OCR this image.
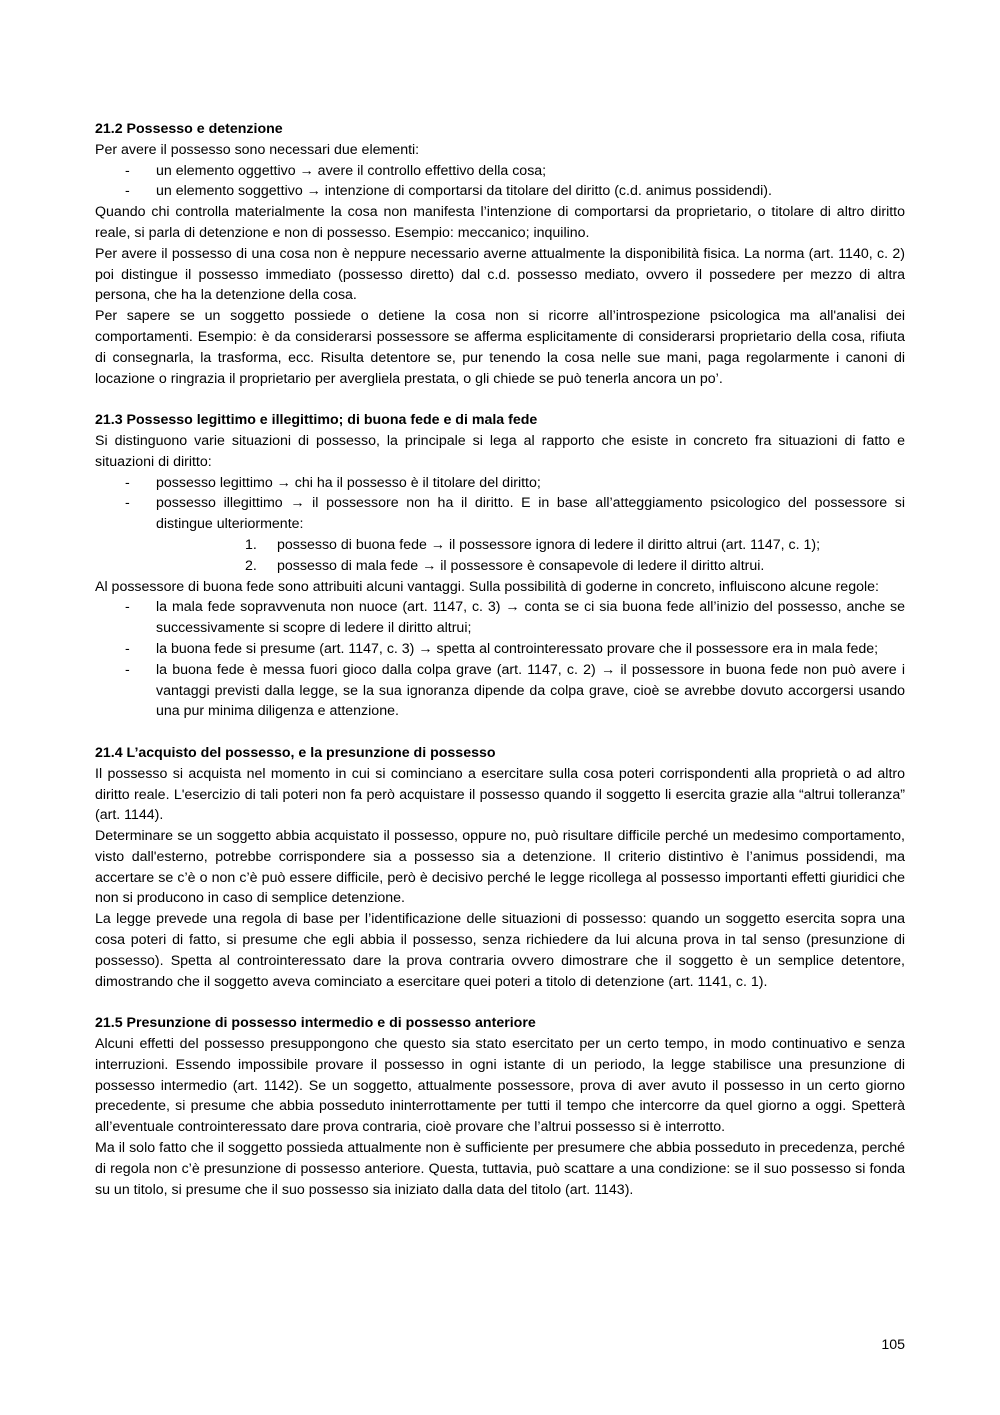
21.2 Possesso e detenzione

Per avere il possesso sono necessari due elementi:

- un elemento oggettivo → avere il controllo effettivo della cosa;
- un elemento soggettivo → intenzione di comportarsi da titolare del diritto (c.d. animus possidendi).

Quando chi controlla materialmente la cosa non manifesta l’intenzione di comportarsi da proprietario, o titolare di altro diritto reale, si parla di detenzione e non di possesso. Esempio: meccanico; inquilino.

Per avere il possesso di una cosa non è neppure necessario averne attualmente la disponibilità fisica. La norma (art. 1140, c. 2) poi distingue il possesso immediato (possesso diretto) dal c.d. possesso mediato, ovvero il possedere per mezzo di altra persona, che ha la detenzione della cosa.

Per sapere se un soggetto possiede o detiene la cosa non si ricorre all’introspezione psicologica ma all'analisi dei comportamenti. Esempio: è da considerarsi possessore se afferma esplicitamente di considerarsi proprietario della cosa, rifiuta di consegnarla, la trasforma, ecc. Risulta detentore se, pur tenendo la cosa nelle sue mani, paga regolarmente i canoni di locazione o ringrazia il proprietario per avergliela prestata, o gli chiede se può tenerla ancora un po’.

21.3 Possesso legittimo e illegittimo; di buona fede e di mala fede

Si distinguono varie situazioni di possesso, la principale si lega al rapporto che esiste in concreto fra situazioni di fatto e situazioni di diritto:

- possesso legittimo → chi ha il possesso è il titolare del diritto;
- possesso illegittimo → il possessore non ha il diritto. E in base all’atteggiamento psicologico del possessore si distingue ulteriormente:
1. possesso di buona fede → il possessore ignora di ledere il diritto altrui (art. 1147, c. 1);
2. possesso di mala fede → il possessore è consapevole di ledere il diritto altrui.

Al possessore di buona fede sono attribuiti alcuni vantaggi. Sulla possibilità di goderne in concreto, influiscono alcune regole:

- la mala fede sopravvenuta non nuoce (art. 1147, c. 3) → conta se ci sia buona fede all’inizio del possesso, anche se successivamente si scopre di ledere il diritto altrui;
- la buona fede si presume (art. 1147, c. 3) → spetta al controinteressato provare che il possessore era in mala fede;
- la buona fede è messa fuori gioco dalla colpa grave (art. 1147, c. 2) → il possessore in buona fede non può avere i vantaggi previsti dalla legge, se la sua ignoranza dipende da colpa grave, cioè se avrebbe dovuto accorgersi usando una pur minima diligenza e attenzione.

21.4 L’acquisto del possesso, e la presunzione di possesso

Il possesso si acquista nel momento in cui si cominciano a esercitare sulla cosa poteri corrispondenti alla proprietà o ad altro diritto reale. L'esercizio di tali poteri non fa però acquistare il possesso quando il soggetto li esercita grazie alla “altrui tolleranza” (art. 1144).

Determinare se un soggetto abbia acquistato il possesso, oppure no, può risultare difficile perché un medesimo comportamento, visto dall'esterno, potrebbe corrispondere sia a possesso sia a detenzione. Il criterio distintivo è l’animus possidendi, ma accertare se c’è o non c’è può essere difficile, però è decisivo perché le legge ricollega al possesso importanti effetti giuridici che non si producono in caso di semplice detenzione.

La legge prevede una regola di base per l’identificazione delle situazioni di possesso: quando un soggetto esercita sopra una cosa poteri di fatto, si presume che egli abbia il possesso, senza richiedere da lui alcuna prova in tal senso (presunzione di possesso). Spetta al controinteressato dare la prova contraria ovvero dimostrare che il soggetto è un semplice detentore, dimostrando che il soggetto aveva cominciato a esercitare quei poteri a titolo di detenzione (art. 1141, c. 1).

21.5 Presunzione di possesso intermedio e di possesso anteriore

Alcuni effetti del possesso presuppongono che questo sia stato esercitato per un certo tempo, in modo continuativo e senza interruzioni. Essendo impossibile provare il possesso in ogni istante di un periodo, la legge stabilisce una presunzione di possesso intermedio (art. 1142). Se un soggetto, attualmente possessore, prova di aver avuto il possesso in un certo giorno precedente, si presume che abbia posseduto ininterrottamente per tutti il tempo che intercorre da quel giorno a oggi. Spetterà all’eventuale controinteressato dare prova contraria, cioè provare che l’altrui possesso si è interrotto.

Ma il solo fatto che il soggetto possieda attualmente non è sufficiente per presumere che abbia posseduto in precedenza, perché di regola non c’è presunzione di possesso anteriore. Questa, tuttavia, può scattare a una condizione: se il suo possesso si fonda su un titolo, si presume che il suo possesso sia iniziato dalla data del titolo (art. 1143).

105
